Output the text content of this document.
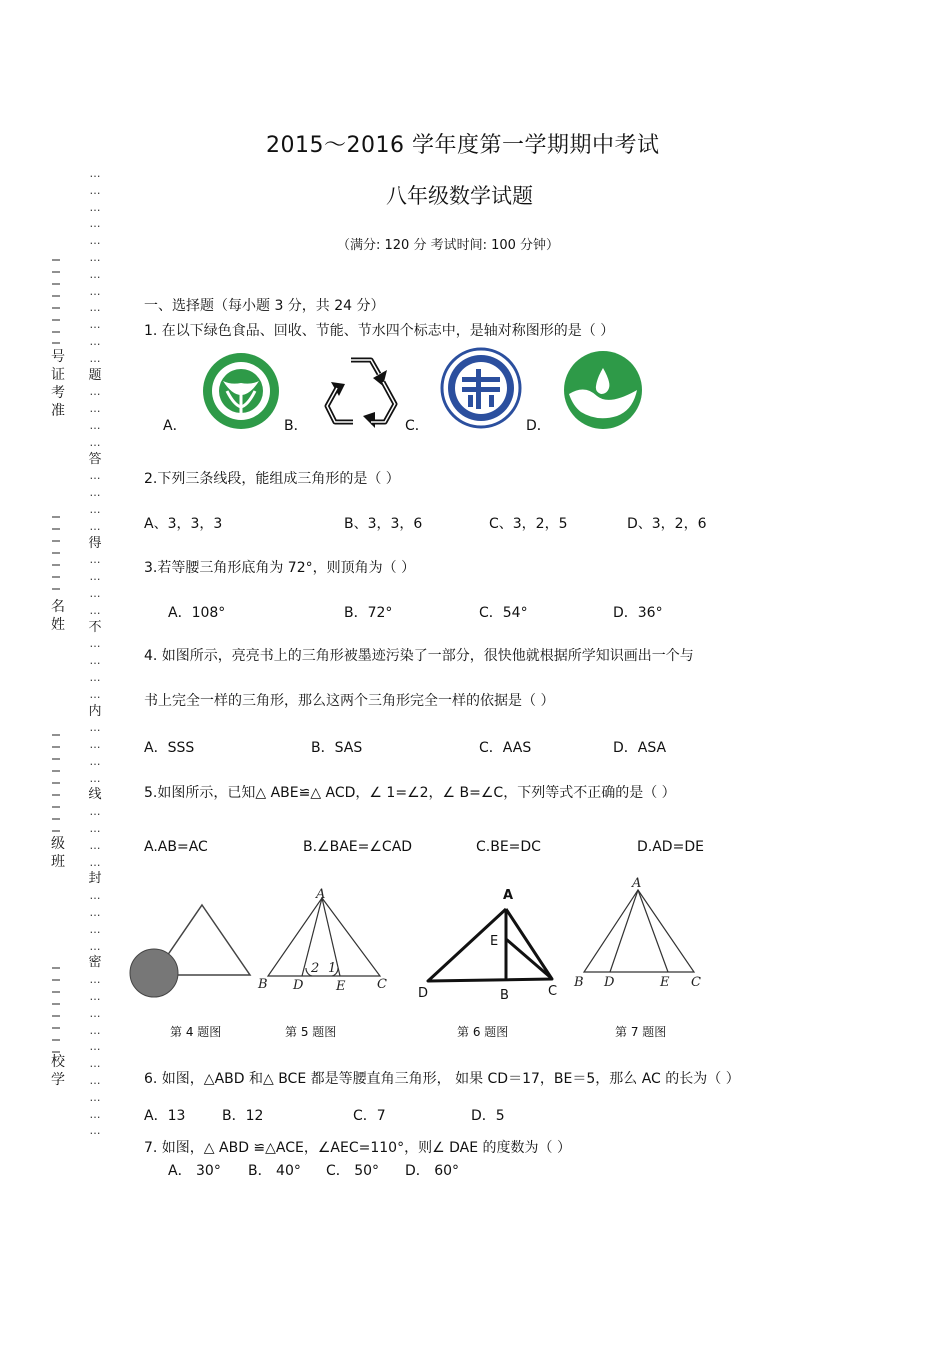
2015～2016 学年度第一学期期中考试
八年级数学试题
（满分: 120 分 考试时间: 100 分钟）
…
…
…
…
…
…
…
…
…
…
…
…
题
…
…
…
…
答
…
…
…
…
得
…
…
…
…
不
…
…
…
…
内
…
…
…
…
线
…
…
…
…
封
…
…
…
…
密
…
…
…
…
…
…
…
…
…
…
号证考准
名姓
级班
校学
一、选择题（每小题 3 分，共 24 分）
1. 在以下绿色食品、回收、节能、节水四个标志中，是轴对称图形的是（ ）
A．	B．	C．	D．
2.下列三条线段，能组成三角形的是（ ）
A、3，3，3	B、3，3，6	C、3，2，5	D、3，2，6
3.若等腰三角形底角为 72°，则顶角为（ ）
A．108°	B．72°	C．54°	D．36°
4. 如图所示，亮亮书上的三角形被墨迹污染了一部分，很快他就根据所学知识画出一个与
书上完全一样的三角形，那么这两个三角形完全一样的依据是（ ）
A．SSS	B．SAS	C．AAS	D．ASA
5.如图所示，已知△ ABE≌△ ACD，∠ 1=∠2，∠ B=∠C，下列等式不正确的是（ ）
A.AB=AC	B.∠BAE=∠CAD	C.BE=DC	D.AD=DE
A
B D	E C
2 1
A
E
D	B	C
A
B D	E C
第 4 题图	第 5 题图	第 6 题图	第 7 题图
6. 如图，△ABD 和△ BCE 都是等腰直角三角形， 如果 CD＝17，BE＝5，那么 AC 的长为（ ）
A．13	B．12	C．7	D．5
7. 如图，△ ABD ≌△ACE，∠AEC=110°，则∠ DAE 的度数为（ ）
A． 30° B． 40° C． 50° D． 60°
